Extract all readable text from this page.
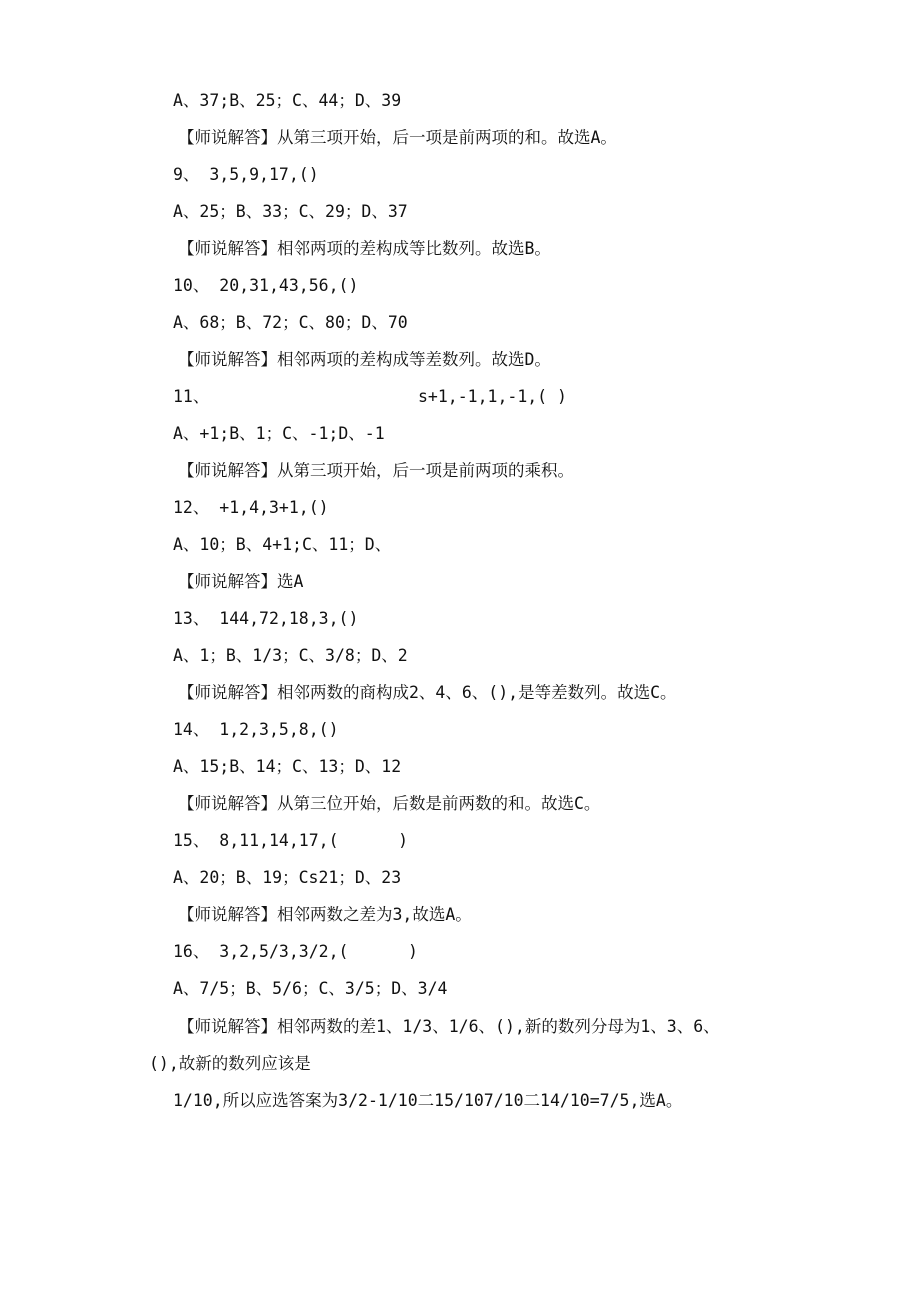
A、37;B、25；C、44；D、39
【师说解答】从第三项开始，后一项是前两项的和。故选A。
9、 3,5,9,17,()
A、25；B、33；C、29；D、37
【师说解答】相邻两项的差构成等比数列。故选B。
10、 20,31,43,56,()
A、68；B、72；C、80；D、70
【师说解答】相邻两项的差构成等差数列。故选D。
11、                     s+1,-1,1,-1,( )
A、+1;B、1；C、-1;D、-1
【师说解答】从第三项开始，后一项是前两项的乘积。
12、 +1,4,3+1,()
A、10；B、4+1;C、11；D、
【师说解答】选A
13、 144,72,18,3,()
A、1；B、1/3；C、3/8；D、2
【师说解答】相邻两数的商构成2、4、6、(),是等差数列。故选C。
14、 1,2,3,5,8,()
A、15;B、14；C、13；D、12
【师说解答】从第三位开始，后数是前两数的和。故选C。
15、 8,11,14,17,(      )
A、20；B、19；Cs21；D、23
【师说解答】相邻两数之差为3,故选A。
16、 3,2,5/3,3/2,(      )
A、7/5；B、5/6；C、3/5；D、3/4
【师说解答】相邻两数的差1、1/3、1/6、(),新的数列分母为1、3、6、
(),故新的数列应该是
1/10,所以应选答案为3/2-1/10二15/107/10二14/10=7/5,选A。
